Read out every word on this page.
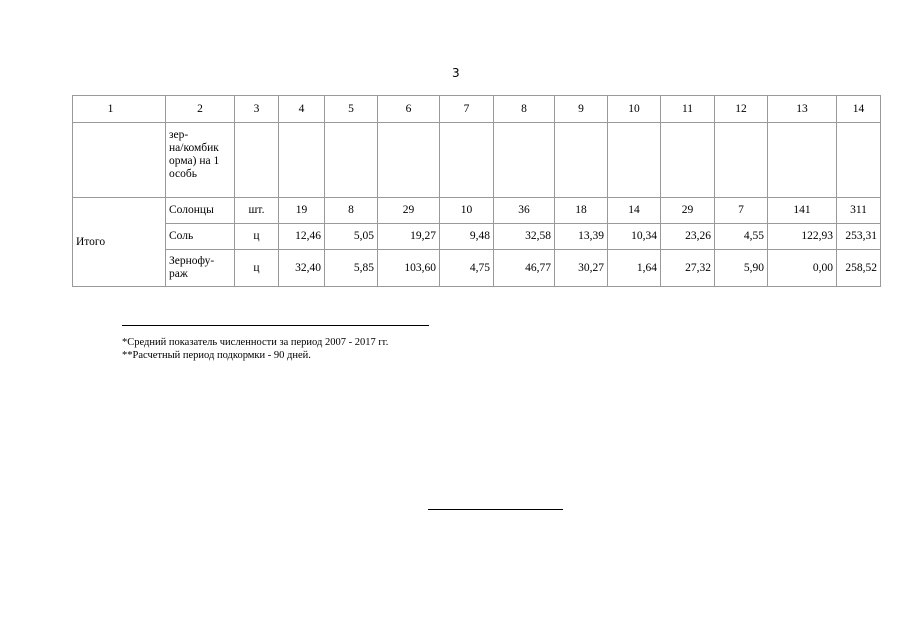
3
1	2	3	4	5	6	7	8	9	10	11	12	13	14
	зер-
на/комбик
орма) на 1
особь												
Итого	Солонцы	шт.	19	8	29	10	36	18	14	29	7	141	311
	Соль	ц	12,46	5,05	19,27	9,48	32,58	13,39	10,34	23,26	4,55	122,93	253,31
	Зернофу-
раж	ц	32,40	5,85	103,60	4,75	46,77	30,27	1,64	27,32	5,90	0,00	258,52
*Средний показатель численности за период 2007 - 2017 гг.
**Расчетный период подкормки - 90 дней.
